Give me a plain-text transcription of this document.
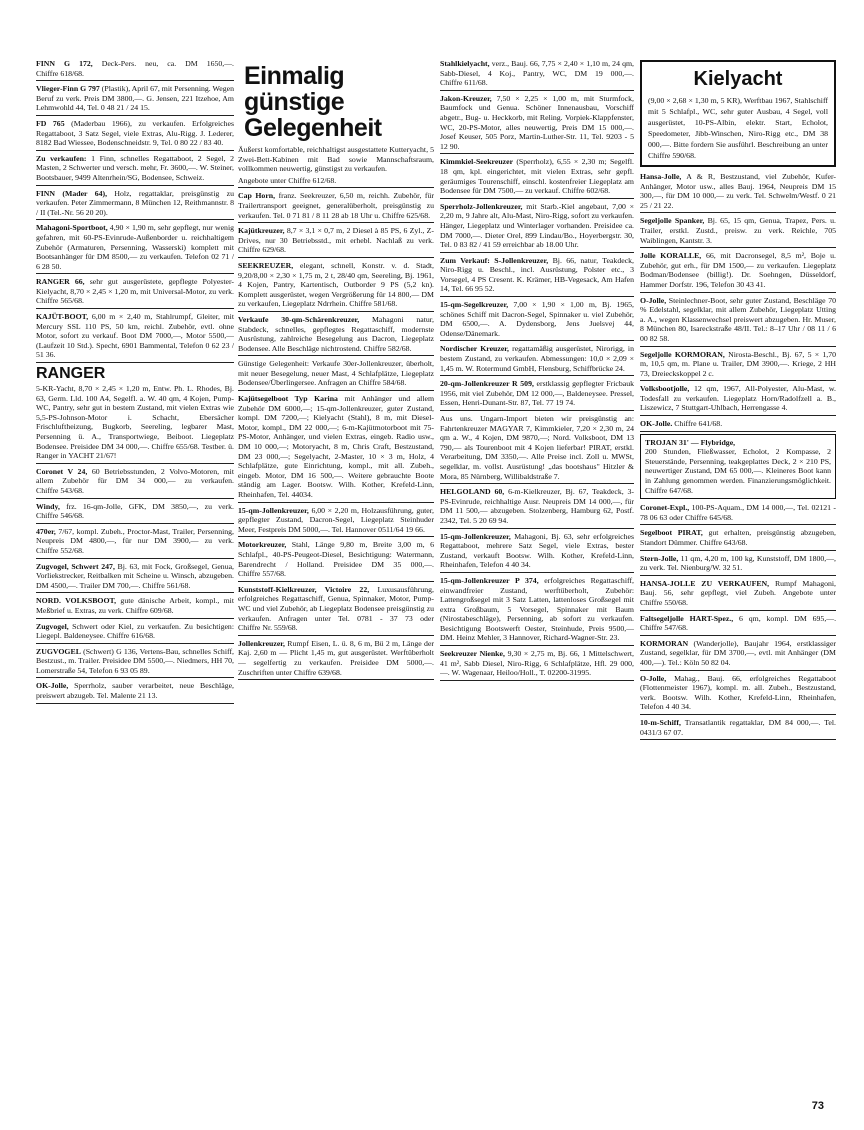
FINN G 172, Deck-Pers. neu, ca. DM 1650,—. Chiffre 618/68.
Vlieger-Finn G 797 (Plastik), April 67, mit Persenning. Wegen Beruf zu verk. Preis DM 3800,—. G. Jensen, 221 Itzehoe, Am Lehmwohld 44, Tel. 0 48 21 / 24 15.
FD 765 (Maderbau 1966), zu verkaufen. Erfolgreiches Regattaboot, 3 Satz Segel, viele Extras, Alu-Rigg. J. Lederer, 8182 Bad Wiessee, Bodenschneidstr. 9, Tel. 0 80 22 / 83 40.
Zu verkaufen: 1 Finn, schnelles Regattaboot, 2 Segel, 2 Masten, 2 Schwerter und versch. mehr, Fr. 3600,—. W. Steiner, Bootsbauer, 9499 Altenrhein/SG, Bodensee, Schweiz.
FINN (Mader 64), Holz, regattaklar, preisgünstig zu verkaufen. Peter Zimmermann, 8 München 12, Reithmannstr. 8 / II (Tel.-Nr. 56 20 20).
Mahagoni-Sportboot, 4,90 × 1,90 m, sehr gepflegt, nur wenig gefahren, mit 60-PS-Evinrude-Außenborder u. reichhaltigem Zubehör (Armaturen, Persenning, Wasserski) komplett mit Bootsanhänger für DM 8500,— zu verkaufen. Telefon 02 71 / 6 28 50.
RANGER 66, sehr gut ausgerüstete, gepflegte Polyester-Kielyacht, 8,70 × 2,45 × 1,20 m, mit Universal-Motor, zu verk. Chiffre 565/68.
KAJÜT-BOOT, 6,00 m × 2,40 m, Stahlrumpf, Gleiter, mit Mercury SSL 110 PS, 50 km, reichl. Zubehör, evtl. ohne Motor, sofort zu verkauf. Boot DM 7000,—, Motor 5500,— (Laufzeit 10 Std.). Specht, 6901 Bammental, Telefon 0 62 23 / 51 36.
RANGER
5-KR-Yacht, 8,70 × 2,45 × 1,20 m, Entw. Ph. L. Rhodes, Bj. 63, Germ. Lld. 100 A4, Segelfl. a. W. 40 qm, 4 Kojen, Pump-WC, Pantry, sehr gut in bestem Zustand, mit vielen Extras wie 5,5-PS-Johnson-Motor i. Schacht, Ebersächer Frischluftheizung, Bugkorb, Seereling, legbarer Mast, Persenning ü. A., Transportwiege, Beiboot. Liegeplatz Bodensee. Preisidee DM 34 000,—. Chiffre 655/68. Testber. ü. Ranger in YACHT 21/67!
Coronet V 24, 60 Betriebsstunden, 2 Volvo-Motoren, mit allem Zubehör für DM 34 000,— zu verkaufen. Chiffre 543/68.
Windy, frz. 16-qm-Jolle, GFK, DM 3850,—, zu verk. Chiffre 546/68.
470er, 7/67, kompl. Zubeh., Proctor-Mast, Trailer, Persenning, Neupreis DM 4800,—, für nur DM 3900,— zu verk. Chiffre 552/68.
Zugvogel, Schwert 247, Bj. 63, mit Fock, Großsegel, Genua, Vorliekstrecker, Reitbalken mit Scheine u. Winsch, abzugeben. DM 4500,—. Trailer DM 700,—. Chiffre 561/68.
NORD. VOLKSBOOT, gute dänische Arbeit, kompl., mit Meßbrief u. Extras, zu verk. Chiffre 609/68.
Zugvogel, Schwert oder Kiel, zu verkaufen. Zu besichtigen: Liegepl. Baldeneysee. Chiffre 616/68.
ZUGVOGEL (Schwert) G 136, Vertens-Bau, schnelles Schiff, Bestzust., m. Trailer. Preisidee DM 5500,—. Niedmers, HH 70, Lomerstraße 54, Telefon 6 93 05 89.
OK-Jolle, Sperrholz, sauber verarbeitet, neue Beschläge, preiswert abzugeb. Tel. Malente 21 13.
Einmalig
günstige
Gelegenheit
Äußerst komfortable, reichhaltigst ausgestattete Kutteryacht, 5 Zwei-Bett-Kabinen mit Bad sowie Mannschaftsraum, vollkommen neuwertig, günstigst zu verkaufen.
Angebote unter Chiffre 612/68.
Cap Horn, franz. Seekreuzer, 6,50 m, reichh. Zubehör, für Trailertransport geeignet, generalüberholt, preisgünstig zu verkaufen. Tel. 0 71 81 / 8 11 28 ab 18 Uhr u. Chiffre 625/68.
Kajütkreuzer, 8,7 × 3,1 × 0,7 m, 2 Diesel à 85 PS, 6 Zyl., Z-Drives, nur 30 Betriebsstd., mit erhebl. Nachlaß zu verk. Chiffre 629/68.
SEEKREUZER, elegant, schnell, Konstr. v. d. Stadt, 9,20/8,00 × 2,30 × 1,75 m, 2 t, 28/40 qm, Seereling, Bj. 1961, 4 Kojen, Pantry, Kartentisch, Outborder 9 PS (5,2 kn). Komplett ausgerüstet, wegen Vergrößerung für 14 800,— DM zu verkaufen, Liegeplatz Ndrrhein. Chiffre 581/68.
Verkaufe 30-qm-Schärenkreuzer, Mahagoni natur, Stabdeck, schnelles, gepflegtes Regattaschiff, modernste Ausrüstung, zahlreiche Besegelung aus Dacron, Liegeplatz Bodensee. Alle Beschläge nichtrostend. Chiffre 582/68.
Günstige Gelegenheit: Verkaufe 30er-Jollenkreuzer, überholt, mit neuer Besegelung, neuer Mast, 4 Schlafplätze, Liegeplatz Bodensee/Überlingersee. Anfragen an Chiffre 584/68.
Kajütsegelboot Typ Karina mit Anhänger und allem Zubehör DM 6000,—; 15-qm-Jollenkreuzer, guter Zustand, kompl. DM 7200,—; Kielyacht (Stahl), 8 m, mit Diesel-Motor, kompl., DM 22 000,—; 6-m-Kajütmotorboot mit 75-PS-Motor, Anhänger, und vielen Extras, eingeb. Radio usw., DM 10 000,—; Motoryacht, 8 m, Chris Craft, Bestzustand, DM 23 000,—; Segelyacht, 2-Master, 10 × 3 m, Holz, 4 Schlafplätze, gute Einrichtung, kompl., mit all. Zubeh., eingeb. Motor, DM 16 500,—. Weitere gebrauchte Boote ständig am Lager. Bootsw. Wilh. Kother, Krefeld-Linn, Rheinhafen, Tel. 44034.
15-qm-Jollenkreuzer, 6,00 × 2,20 m, Holzausführung, guter, gepflegter Zustand, Dacron-Segel, Liegeplatz Steinhuder Meer, Festpreis DM 5000,—. Tel. Hannover 0511/64 19 66.
Motorkreuzer, Stahl, Länge 9,80 m, Breite 3,00 m, 6 Schlafpl., 40-PS-Peugeot-Diesel, Besichtigung: Watermann, Barendrecht / Holland. Preisidee DM 35 000,—. Chiffre 557/68.
Kunststoff-Kielkreuzer, Victoire 22, Luxusausführung, erfolgreiches Regattaschiff, Genua, Spinnaker, Motor, Pump-WC und viel Zubehör, ab Liegeplatz Bodensee preisgünstig zu verkaufen. Anfragen unter Tel. 0781 - 37 73 oder Chiffre Nr. 559/68.
Jollenkreuzer, Rumpf Eisen, L. ü. 8, 6 m, Bü 2 m, Länge der Kaj. 2,60 m — Plicht 1,45 m, gut ausgerüstet. Werftüberholt — segelfertig zu verkaufen. Preisidee DM 5000,—. Zuschriften unter Chiffre 639/68.
Stahlkielyacht, verz., Bauj. 66, 7,75 × 2,40 × 1,10 m, 24 qm, Sabb-Diesel, 4 Koj., Pantry, WC, DM 19 000,—. Chiffre 611/68.
Jakon-Kreuzer, 7,50 × 2,25 × 1,00 m, mit Sturmfock, Baumfock und Genua. Schöner Innenausbau, Vorschiff abgetr., Bug- u. Heckkorb, mit Reling. Vorpiek-Klappfenster, WC, 20-PS-Motor, alles neuwertig, Preis DM 15 000,—. Josef Keuser, 505 Porz, Martin-Luther-Str. 11, Tel. 9203 - 5 12 90.
Kimmkiel-Seekreuzer (Sperrholz), 6,55 × 2,30 m; Segelfl. 18 qm, kpl. eingerichtet, mit vielen Extras, sehr gepfl. geräumiges Tourenschiff, einschl. kostenfreier Liegeplatz am Bodensee für DM 7500,— zu verkauf. Chiffre 602/68.
Sperrholz-Jollenkreuzer, mit Starb.-Kiel angebaut, 7,00 × 2,20 m, 9 Jahre alt, Alu-Mast, Niro-Rigg, sofort zu verkaufen. Hänger, Liegeplatz und Winterlager vorhanden. Preisidee ca. DM 7000,—. Dieter Orel, 899 Lindau/Bo., Hoyerbergstr. 30, Tel. 0 83 82 / 41 59 erreichbar ab 18.00 Uhr.
Zum Verkauf: S-Jollenkreuzer, Bj. 66, natur, Teakdeck, Niro-Rigg u. Beschl., incl. Ausrüstung, Polster etc., 3 Vorsegel, 4 PS Cresent. K. Krämer, HB-Vegesack, Am Hafen 14, Tel. 66 95 52.
15-qm-Segelkreuzer, 7,00 × 1,90 × 1,00 m, Bj. 1965, schönes Schiff mit Dacron-Segel, Spinnaker u. viel Zubehör, DM 6500,—. A. Dydensborg, Jens Juelsvej 44, Odense/Dänemark.
Nordischer Kreuzer, regattamäßig ausgerüstet, Nirorigg, in bestem Zustand, zu verkaufen. Abmessungen: 10,0 × 2,09 × 1,45 m. W. Rotermund GmbH, Flensburg, Schiffbrücke 24.
20-qm-Jollenkreuzer R 509, erstklassig gepflegter Fricbauk 1956, mit viel Zubehör, DM 12 000,—, Baldeneysee. Pressel, Essen, Henri-Dunant-Str. 87, Tel. 77 19 74.
Aus uns. Ungarn-Import bieten wir preisgünstig an: Fahrtenkreuzer MAGYAR 7, Kimmkieler, 7,20 × 2,30 m, 24 qm a. W., 4 Kojen, DM 9870,—; Nord. Volksboot, DM 13 790,— als Tourenboot mit 4 Kojen lieferbar! PIRAT, erstkl. Verarbeitung, DM 3350,—. Alle Preise incl. Zoll u. MWSt, segelklar, m. vollst. Ausrüstung! „das bootshaus" Hitzler & Mora, 85 Nürnberg, Willibaldstraße 7.
HELGOLAND 60, 6-m-Kielkreuzer, Bj. 67, Teakdeck, 3-PS-Evinrude, reichhaltige Ausr. Neupreis DM 14 000,—, für DM 11 500,— abzugeben. Stolzenberg, Hamburg 62, Postf. 2342, Tel. 5 20 69 94.
15-qm-Jollenkreuzer, Mahagoni, Bj. 63, sehr erfolgreiches Regattaboot, mehrere Satz Segel, viele Extras, bester Zustand, verkauft Bootsw. Wilh. Kother, Krefeld-Linn, Rheinhafen, Telefon 4 40 34.
15-qm-Jollenkreuzer P 374, erfolgreiches Regattaschiff, einwandfreier Zustand, werftüberholt, Zubehör: Lattengroßsegel mit 3 Satz Latten, lattenloses Großsegel mit extra Großbaum, 5 Vorsegel, Spinnaker mit Baum (Nirostabeschläge), Persenning, ab sofort zu verkaufen. Besichtigung Bootswerft Oester, Steinhude, Preis 9500,— DM. Heinz Mehler, 3 Hannover, Richard-Wagner-Str. 23.
Seekreuzer Nienke, 9,30 × 2,75 m, Bj. 66, 1 Mittelschwert, 41 m², Sabb Diesel, Niro-Rigg, 6 Schlafplätze, Hfl. 29 000,—. W. Wagenaar, Heiloo/Holl., T. 02200-31995.
Kielyacht
(9,00 × 2,68 × 1,30 m, 5 KR), Werftbau 1967, Stahlschiff mit 5 Schlafpl., WC, sehr guter Ausbau, 4 Segel, voll ausgerüstet, 10-PS-Albin, elektr. Start, Echolot, Speedometer, Jibb-Winschen, Niro-Rigg etc., DM 38 000,—. Bitte fordern Sie ausführl. Beschreibung an unter Chiffre 590/68.
Hansa-Jolle, A & R, Bestzustand, viel Zubehör, Kufer-Anhänger, Motor usw., alles Bauj. 1964, Neupreis DM 15 300,—, für DM 10 000,— zu verk. Tel. Schwelm/Westf. 0 21 25 / 21 22.
Segeljolle Spanker, Bj. 65, 15 qm, Genua, Trapez, Pers. u. Trailer, erstkl. Zustd., preisw. zu verk. Reichle, 705 Waiblingen, Kantstr. 3.
Jolle KORALLE, 66, mit Dacronsegel, 8,5 m², Boje u. Zubehör, gut erh., für DM 1500,— zu verkaufen. Liegeplatz Bodman/Bodensee (billig!). Dr. Soehngen, Düsseldorf, Hammer Dorfstr. 196, Telefon 30 43 41.
O-Jolle, Steinlechner-Boot, sehr guter Zustand, Beschläge 70 % Edelstahl, segelklar, mit allem Zubehör, Liegeplatz Utting a. A., wegen Klassenwechsel preiswert abzugeben. Hr. Muser, 8 München 80, Isareckstraße 48/II. Tel.: 8–17 Uhr / 08 11 / 6 00 82 58.
Segeljolle KORMORAN, Nirosta-Beschl., Bj. 67, 5 × 1,70 m, 10,5 qm, m. Plane u. Trailer, DM 3900,—. Kriege, 2 HH 73, Dreieckskoppel 2 c.
Volksbootjolle, 12 qm, 1967, All-Polyester, Alu-Mast, w. Todesfall zu verkaufen. Liegeplatz Horn/Radolfzell a. B., Liszewicz, 7 Stuttgart-Uhlbach, Herrengasse 4.
OK-Jolle. Chiffre 641/68.
TROJAN 31' — Flybridge,
200 Stunden, Fließwasser, Echolot, 2 Kompasse, 2 Steuerstände, Persenning, teakgeplattes Deck, 2 × 210 PS, neuwertiger Zustand, DM 65 000,—. Kleineres Boot kann in Zahlung genommen werden. Finanzierungsmöglichkeit. Chiffre 647/68.
Coronet-Expl., 100-PS-Aquam., DM 14 000,—, Tel. 02121 - 78 06 63 oder Chiffre 645/68.
Segelboot PIRAT, gut erhalten, preisgünstig abzugeben, Standort Dümmer. Chiffre 643/68.
Stern-Jolle, 11 qm, 4,20 m, 100 kg, Kunststoff, DM 1800,—, zu verk. Tel. Nienburg/W. 32 51.
HANSA-JOLLE ZU VERKAUFEN, Rumpf Mahagoni, Bauj. 56, sehr gepflegt, viel Zubeh. Angebote unter Chiffre 550/68.
Faltsegeljolle HART-Spez., 6 qm, kompl. DM 695,—. Chiffre 547/68.
KORMORAN (Wanderjolle), Baujahr 1964, erstklassiger Zustand, segelklar, für DM 3700,—, evtl. mit Anhänger (DM 400,—). Tel.: Köln 50 82 04.
O-Jolle, Mahag., Bauj. 66, erfolgreiches Regattaboot (Flottenmeister 1967), kompl. m. all. Zubeh., Bestzustand, verk. Bootsw. Wilh. Kother, Krefeld-Linn, Rheinhafen, Telefon 4 40 34.
10-m-Schiff, Transatlantik regattaklar, DM 84 000,—. Tel. 0431/3 67 07.
73
